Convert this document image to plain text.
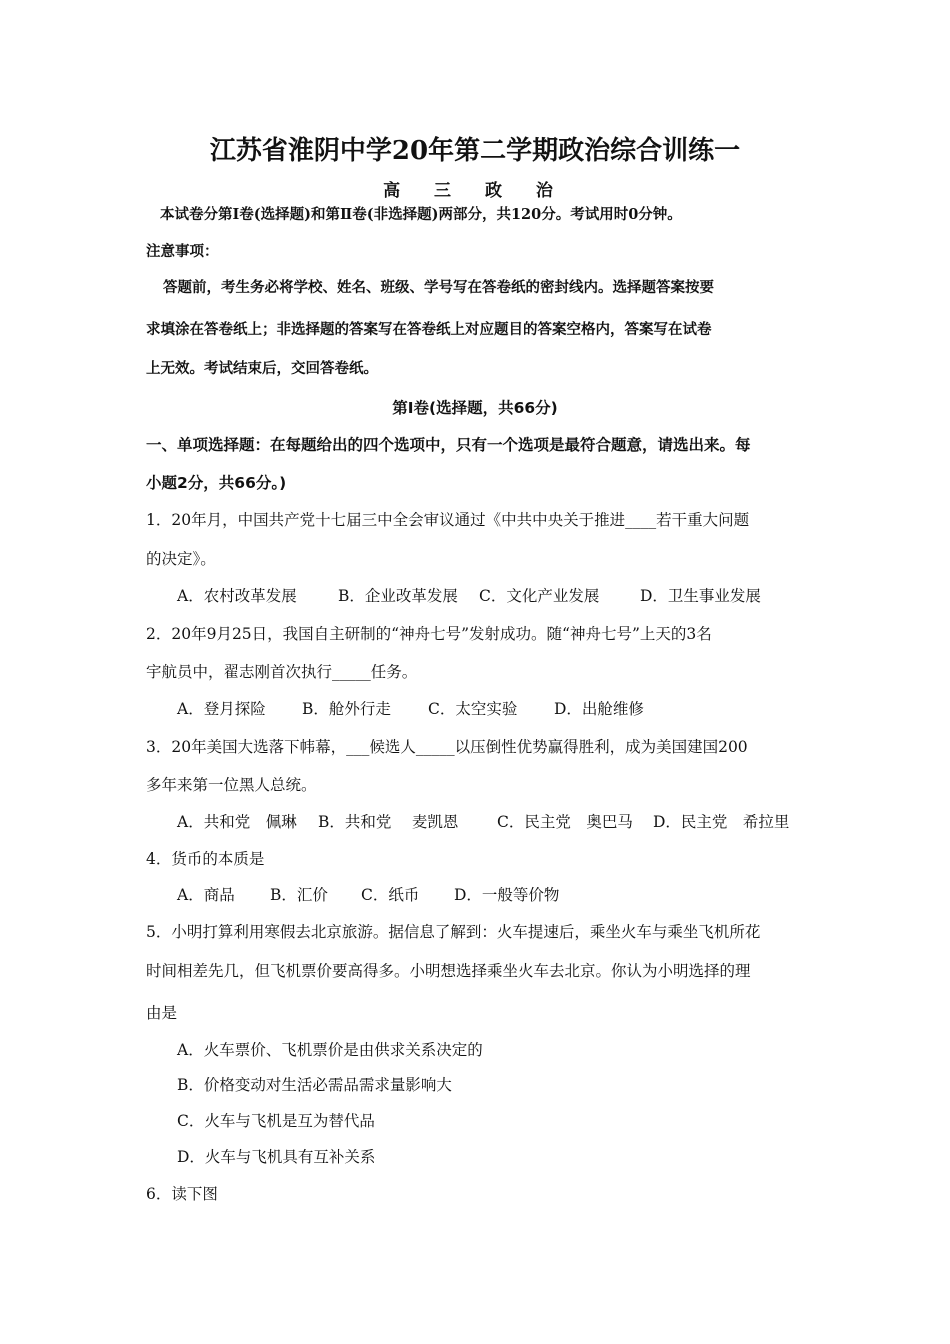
江苏省淮阴中学20年第二学期政治综合训练一
高 三 政 治
本试卷分第Ⅰ卷(选择题)和第Ⅱ卷(非选择题)两部分，共120分。考试用时0分钟。
注意事项：
答题前，考生务必将学校、姓名、班级、学号写在答卷纸的密封线内。选择题答案按要
求填涂在答卷纸上；非选择题的答案写在答卷纸上对应题目的答案空格内，答案写在试卷
上无效。考试结束后，交回答卷纸。
第Ⅰ卷(选择题，共66分)
一、单项选择题：在每题给出的四个选项中，只有一个选项是最符合题意，请选出来。每
小题2分，共66分。)
1．20年月，中国共产党十七届三中全会审议通过《中共中央关于推进____若干重大问题
的决定》。
A．农村改革发展	B．企业改革发展 C．文化产业发展	D．卫生事业发展
2．20年9月25日，我国自主研制的“神舟七号”发射成功。随“神舟七号”上天的3名
宇航员中，翟志刚首次执行_____任务。
A．登月探险 B．舱外行走 C．太空实验 D．出舱维修
3．20年美国大选落下帏幕，___候选人_____以压倒性优势赢得胜利，成为美国建国200
多年来第一位黑人总统。
A．共和党　佩琳 B．共和党　 麦凯恩 C．民主党　奥巴马 D．民主党　希拉里
4．货币的本质是
A．商品 B．汇价 C．纸币 D．一般等价物
5．小明打算利用寒假去北京旅游。据信息了解到：火车提速后，乘坐火车与乘坐飞机所花
时间相差先几，但飞机票价要高得多。小明想选择乘坐火车去北京。你认为小明选择的理
由是
A．火车票价、飞机票价是由供求关系决定的
B．价格变动对生活必需品需求量影响大
C．火车与飞机是互为替代品
D．火车与飞机具有互补关系
6．读下图
